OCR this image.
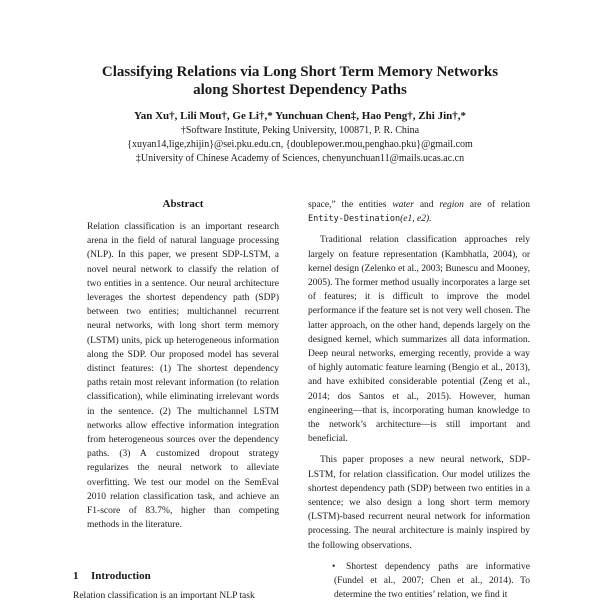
Classifying Relations via Long Short Term Memory Networks
along Shortest Dependency Paths
Yan Xu†, Lili Mou†, Ge Li†,* Yunchuan Chen‡, Hao Peng†, Zhi Jin†,*
†Software Institute, Peking University, 100871, P. R. China
{xuyan14,lige,zhijin}@sei.pku.edu.cn, {doublepower.mou,penghao.pku}@gmail.com
‡University of Chinese Academy of Sciences, chenyunchuan11@mails.ucas.ac.cn
Abstract

Relation classification is an important research arena in the field of natural language processing (NLP). In this paper, we present SDP-LSTM, a novel neural network to classify the relation of two entities in a sentence. Our neural architecture leverages the shortest dependency path (SDP) between two entities; multichannel recurrent neural networks, with long short term memory (LSTM) units, pick up heterogeneous information along the SDP. Our proposed model has several distinct features: (1) The shortest dependency paths retain most relevant information (to relation classification), while eliminating irrelevant words in the sentence. (2) The multichannel LSTM networks allow effective information integration from heterogeneous sources over the dependency paths. (3) A customized dropout strategy regularizes the neural network to alleviate overfitting. We test our model on the SemEval 2010 relation classification task, and achieve an F1-score of 83.7%, higher than competing methods in the literature.

1 Introduction
Relation classification is an important NLP task

space,” the entities water and region are of relation Entity-Destination(e1, e2).

Traditional relation classification approaches rely largely on feature representation (Kambhatla, 2004), or kernel design (Zelenko et al., 2003; Bunescu and Mooney, 2005). The former method usually incorporates a large set of features; it is difficult to improve the model performance if the feature set is not very well chosen. The latter approach, on the other hand, depends largely on the designed kernel, which summarizes all data information. Deep neural networks, emerging recently, provide a way of highly automatic feature learning (Bengio et al., 2013), and have exhibited considerable potential (Zeng et al., 2014; dos Santos et al., 2015). However, human engineering—that is, incorporating human knowledge to the network’s architecture—is still important and beneficial.

This paper proposes a new neural network, SDP-LSTM, for relation classification. Our model utilizes the shortest dependency path (SDP) between two entities in a sentence; we also design a long short term memory (LSTM)-based recurrent neural network for information processing. The neural architecture is mainly inspired by the following observations.

• Shortest dependency paths are informative (Fundel et al., 2007; Chen et al., 2014). To determine the two entities’ relation, we find it
